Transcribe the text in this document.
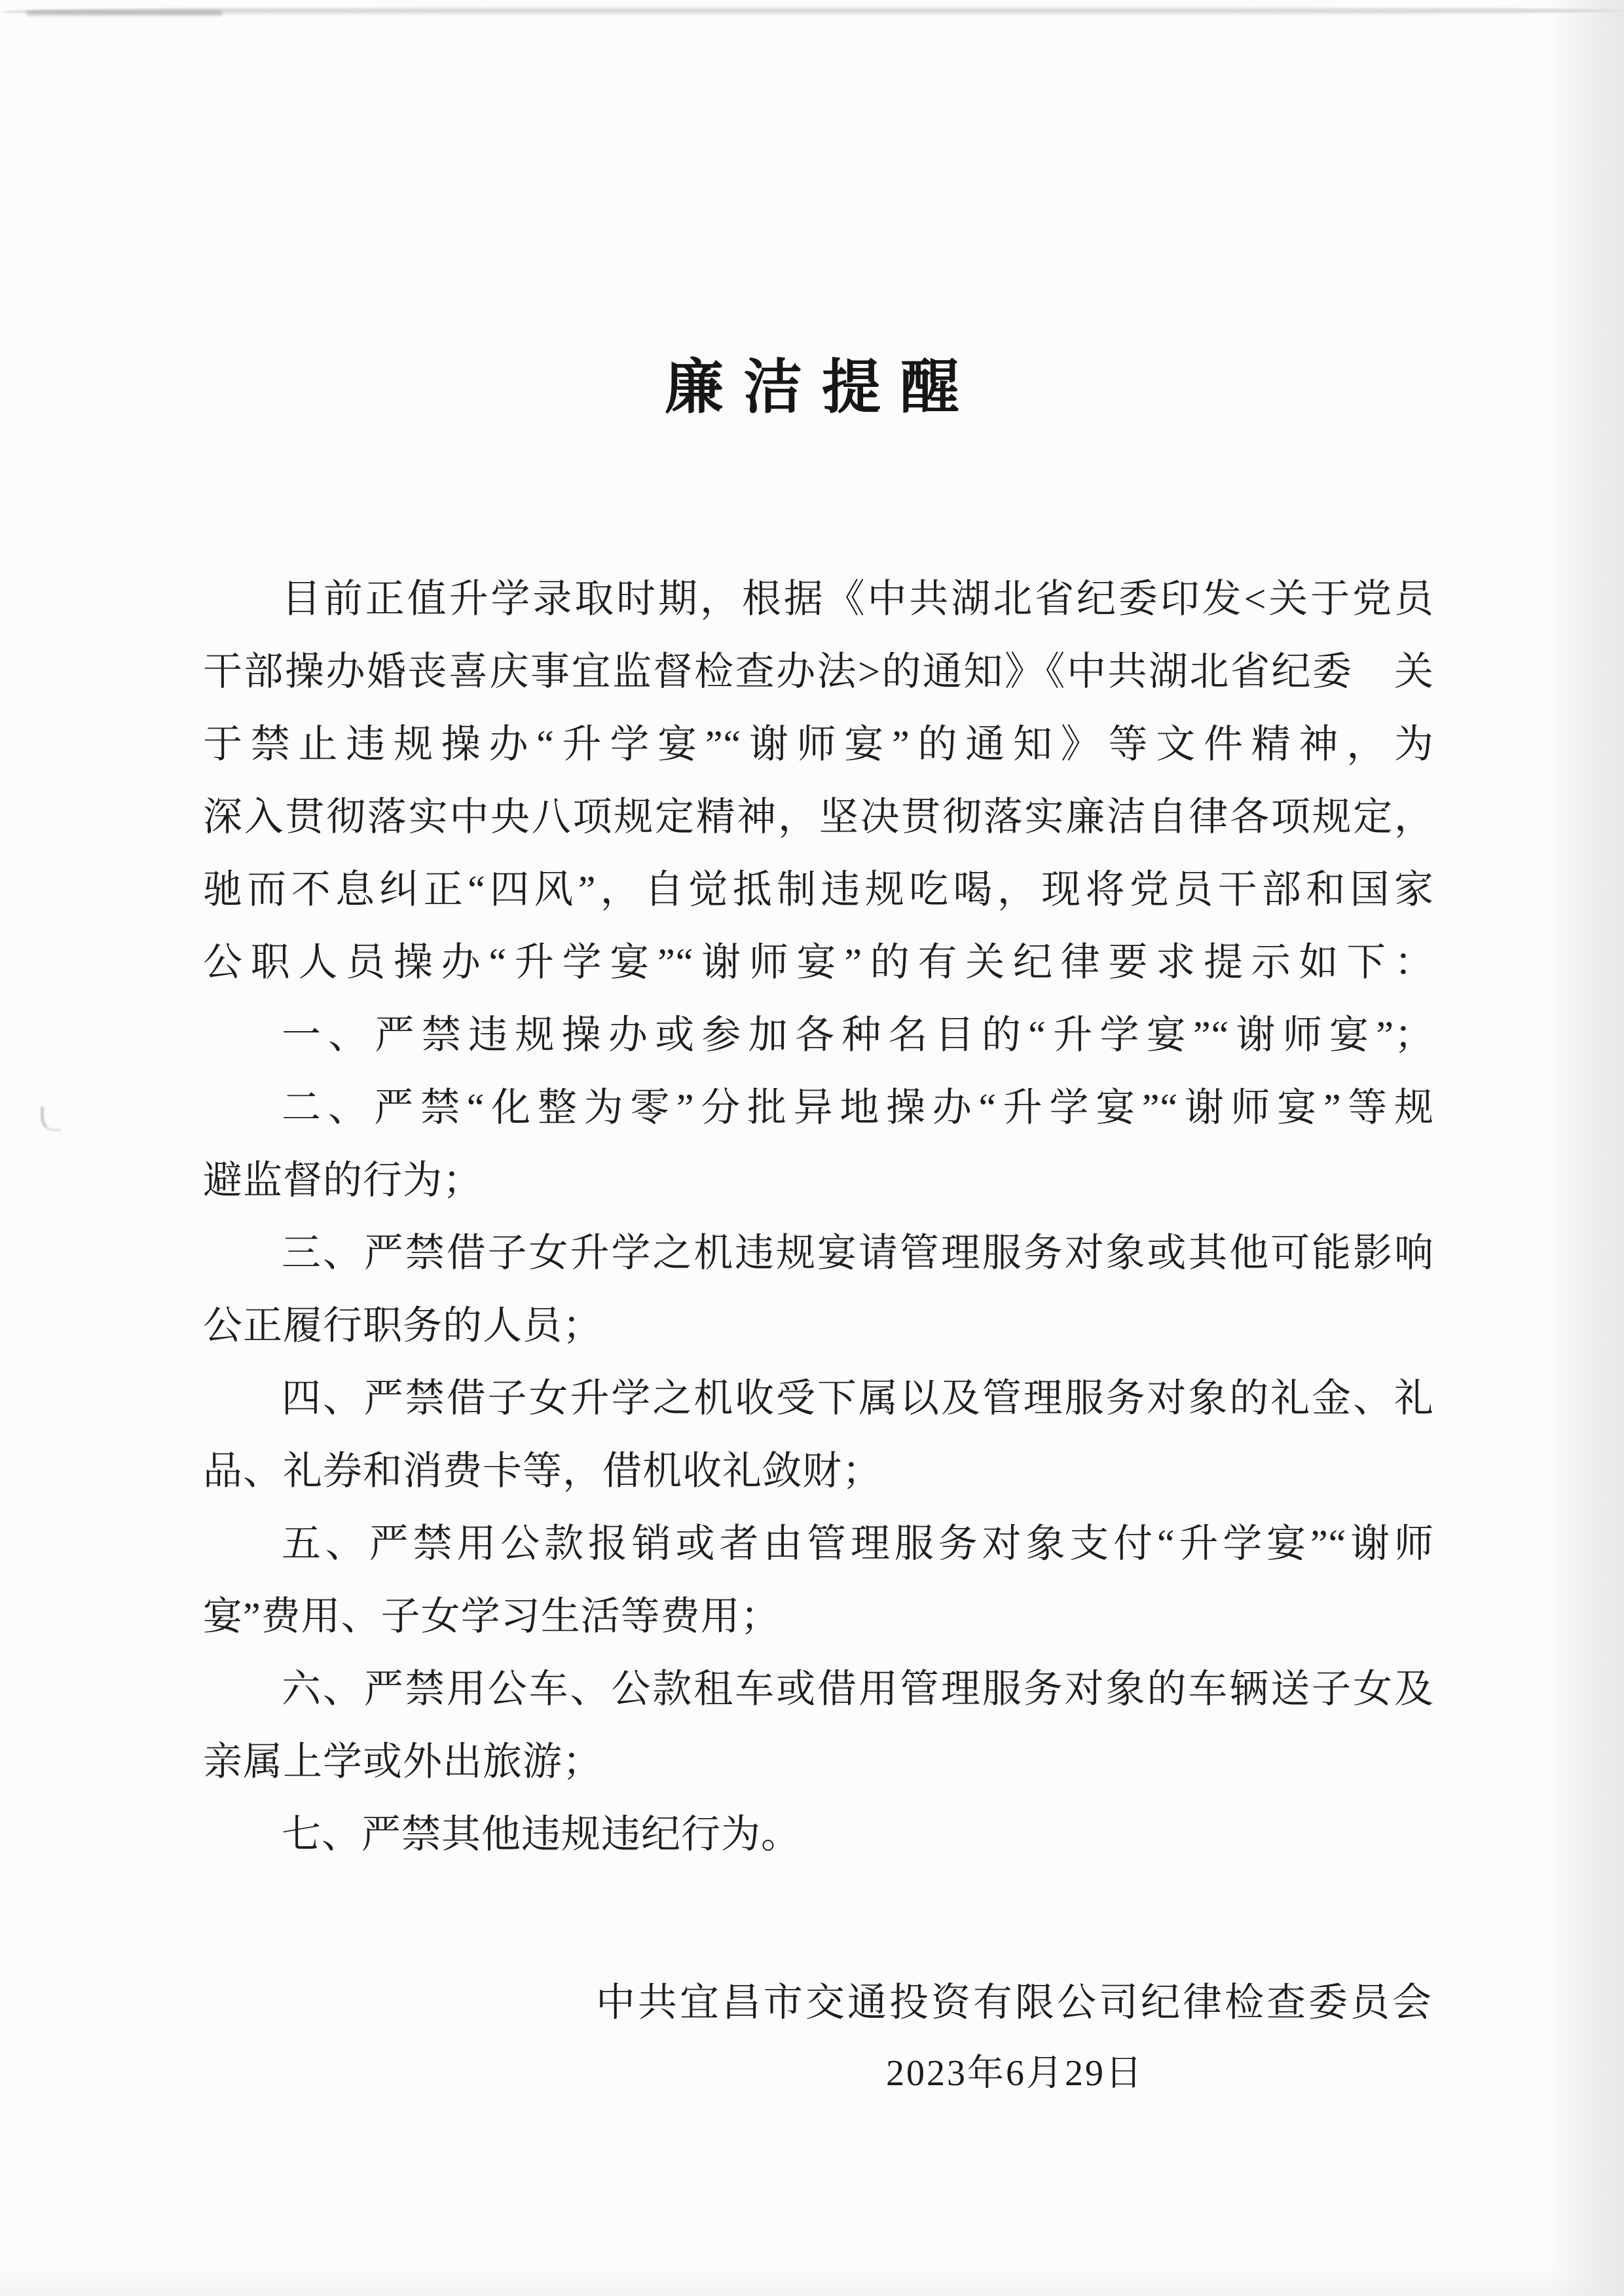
廉洁提醒
目前正值升学录取时期，根据《中共湖北省纪委印发<关于党员
干部操办婚丧喜庆事宜监督检查办法>的通知》《中共湖北省纪委　关
于禁止违规操办“升学宴”“谢师宴”的通知》等文件精神，为
深入贯彻落实中央八项规定精神，坚决贯彻落实廉洁自律各项规定，
驰而不息纠正“四风”，自觉抵制违规吃喝，现将党员干部和国家
公职人员操办“升学宴”“谢师宴”的有关纪律要求提示如下：
一、严禁违规操办或参加各种名目的“升学宴”“谢师宴”；
二、严禁“化整为零”分批异地操办“升学宴”“谢师宴”等规
避监督的行为；
三、严禁借子女升学之机违规宴请管理服务对象或其他可能影响
公正履行职务的人员；
四、严禁借子女升学之机收受下属以及管理服务对象的礼金、礼
品、礼券和消费卡等，借机收礼敛财；
五、严禁用公款报销或者由管理服务对象支付“升学宴”“谢师
宴”费用、子女学习生活等费用；
六、严禁用公车、公款租车或借用管理服务对象的车辆送子女及
亲属上学或外出旅游；
七、严禁其他违规违纪行为。
中共宜昌市交通投资有限公司纪律检查委员会
2023年6月29日
